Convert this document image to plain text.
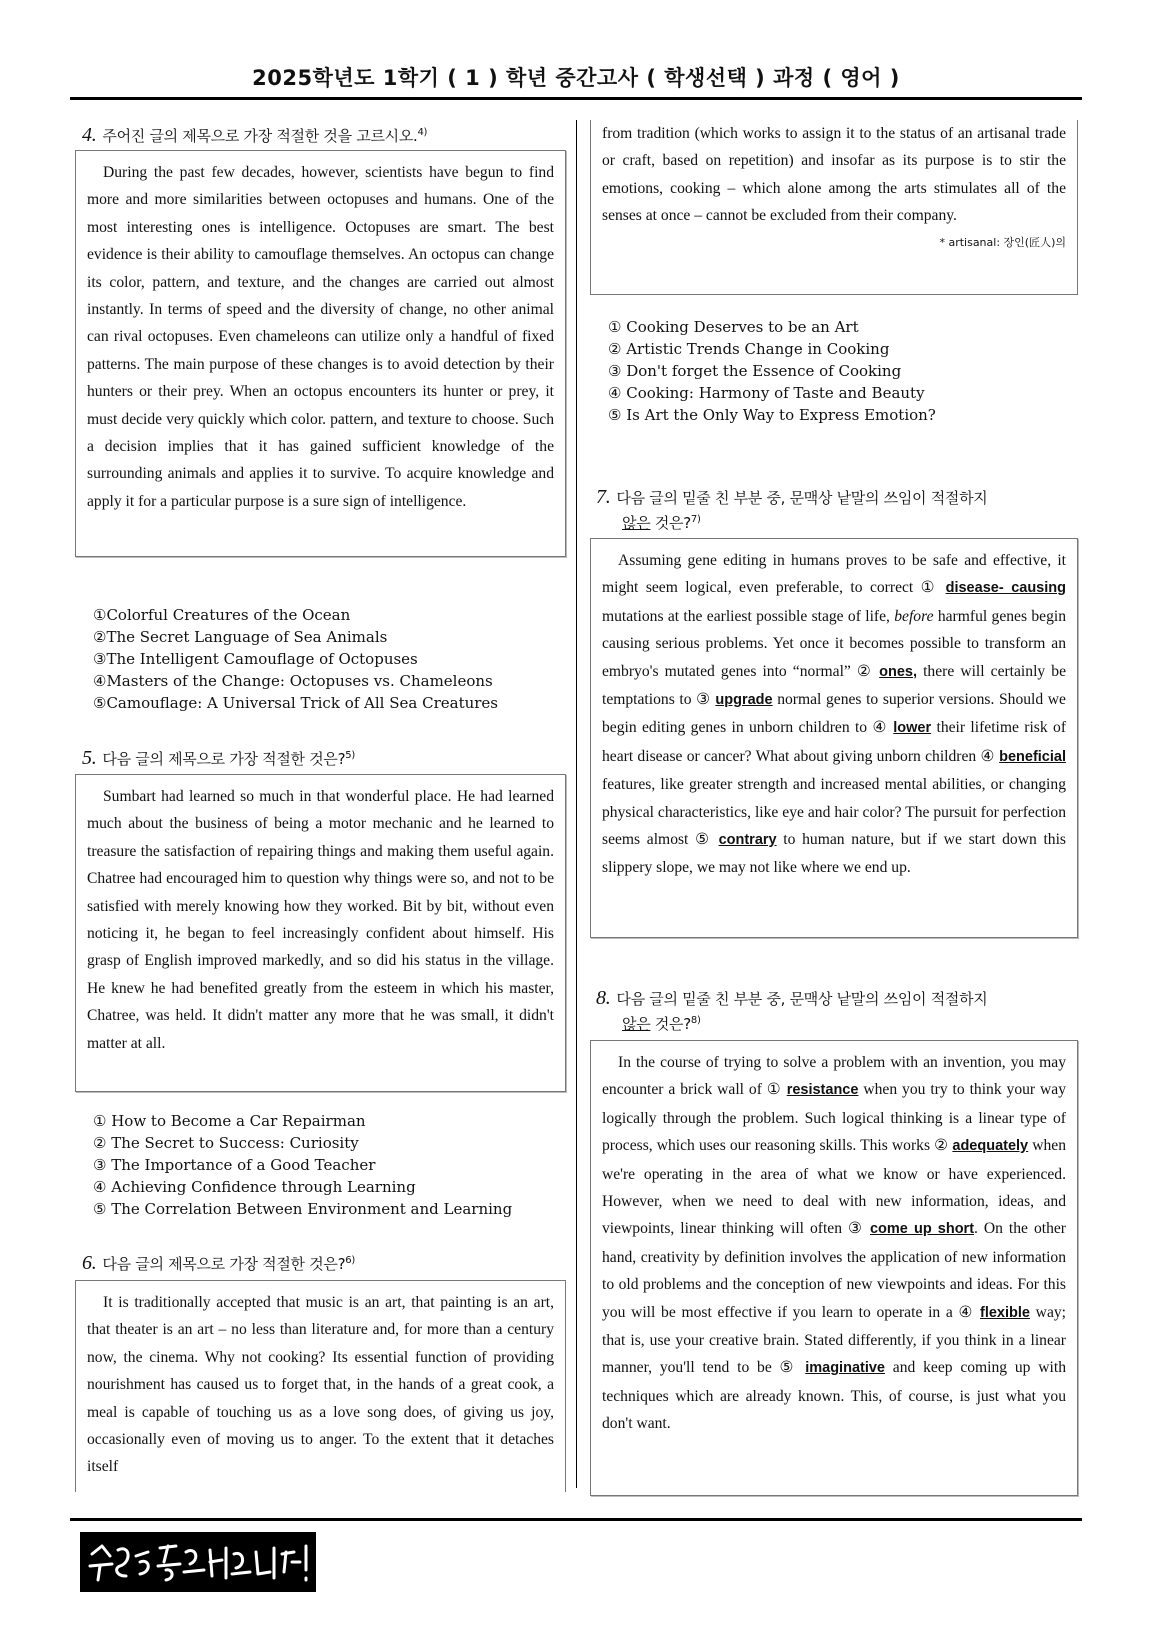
2025학년도 1학기 ( 1 ) 학년 중간고사 ( 학생선택 ) 과정 ( 영어 )
4. 주어진 글의 제목으로 가장 적절한 것을 고르시오.$^{4)}$

During the past few decades, however, scientists have begun to find more and more similarities between octopuses and humans. One of the most interesting ones is intelligence. Octopuses are smart. The best evidence is their ability to camouflage themselves. An octopus can change its color, pattern, and texture, and the changes are carried out almost instantly. In terms of speed and the diversity of change, no other animal can rival octopuses. Even chameleons can utilize only a handful of fixed patterns. The main purpose of these changes is to avoid detection by their hunters or their prey. When an octopus encounters its hunter or prey, it must decide very quickly which color. pattern, and texture to choose. Such a decision implies that it has gained sufficient knowledge of the surrounding animals and applies it to survive. To acquire knowledge and apply it for a particular purpose is a sure sign of intelligence.

①Colorful Creatures of the Ocean
②The Secret Language of Sea Animals
③The Intelligent Camouflage of Octopuses
④Masters of the Change: Octopuses vs. Chameleons
⑤Camouflage: A Universal Trick of All Sea Creatures
5. 다음 글의 제목으로 가장 적절한 것은?$^{5)}$

Sumbart had learned so much in that wonderful place. He had learned much about the business of being a motor mechanic and he learned to treasure the satisfaction of repairing things and making them useful again. Chatree had encouraged him to question why things were so, and not to be satisfied with merely knowing how they worked. Bit by bit, without even noticing it, he began to feel increasingly confident about himself. His grasp of English improved markedly, and so did his status in the village. He knew he had benefited greatly from the esteem in which his master, Chatree, was held. It didn't matter any more that he was small, it didn't matter at all.

① How to Become a Car Repairman
② The Secret to Success: Curiosity
③ The Importance of a Good Teacher
④ Achieving Confidence through Learning
⑤ The Correlation Between Environment and Learning
6. 다음 글의 제목으로 가장 적절한 것은?$^{6)}$

It is traditionally accepted that music is an art, that painting is an art, that theater is an art – no less than literature and, for more than a century now, the cinema. Why not cooking? Its essential function of providing nourishment has caused us to forget that, in the hands of a great cook, a meal is capable of touching us as a love song does, of giving us joy, occasionally even of moving us to anger. To the extent that it detaches itself

from tradition (which works to assign it to the status of an artisanal trade or craft, based on repetition) and insofar as its purpose is to stir the emotions, cooking – which alone among the arts stimulates all of the senses at once – cannot be excluded from their company.

* artisanal: 장인(匠人)의
① Cooking Deserves to be an Art
② Artistic Trends Change in Cooking
③ Don't forget the Essence of Cooking
④ Cooking: Harmony of Taste and Beauty
⑤ Is Art the Only Way to Express Emotion?
7. 다음 글의 밑줄 친 부분 중, 문맥상 낱말의 쓰임이 적절하지
않은 것은?$^{7)}$

Assuming gene editing in humans proves to be safe and effective, it might seem logical, even preferable, to correct ① disease- causing mutations at the earliest possible stage of life, before harmful genes begin causing serious problems. Yet once it becomes possible to transform an embryo's mutated genes into “normal” ② ones, there will certainly be temptations to ③ upgrade normal genes to superior versions. Should we begin editing genes in unborn children to ④ lower their lifetime risk of heart disease or cancer? What about giving unborn children ④ beneficial features, like greater strength and increased mental abilities, or changing physical characteristics, like eye and hair color? The pursuit for perfection seems almost ⑤ contrary to human nature, but if we start down this slippery slope, we may not like where we end up.

8. 다음 글의 밑줄 친 부분 중, 문맥상 낱말의 쓰임이 적절하지
않은 것은?$^{8)}$

In the course of trying to solve a problem with an invention, you may encounter a brick wall of ① resistance when you try to think your way logically through the problem. Such logical thinking is a linear type of process, which uses our reasoning skills. This works ② adequately when we're operating in the area of what we know or have experienced. However, when we need to deal with new information, ideas, and viewpoints, linear thinking will often ③ come up short. On the other hand, creativity by definition involves the application of new information to old problems and the conception of new viewpoints and ideas. For this you will be most effective if you learn to operate in a ④ flexible way; that is, use your creative brain. Stated differently, if you think in a linear manner, you'll tend to be ⑤ imaginative and keep coming up with techniques which are already known. This, of course, is just what you don't want.
